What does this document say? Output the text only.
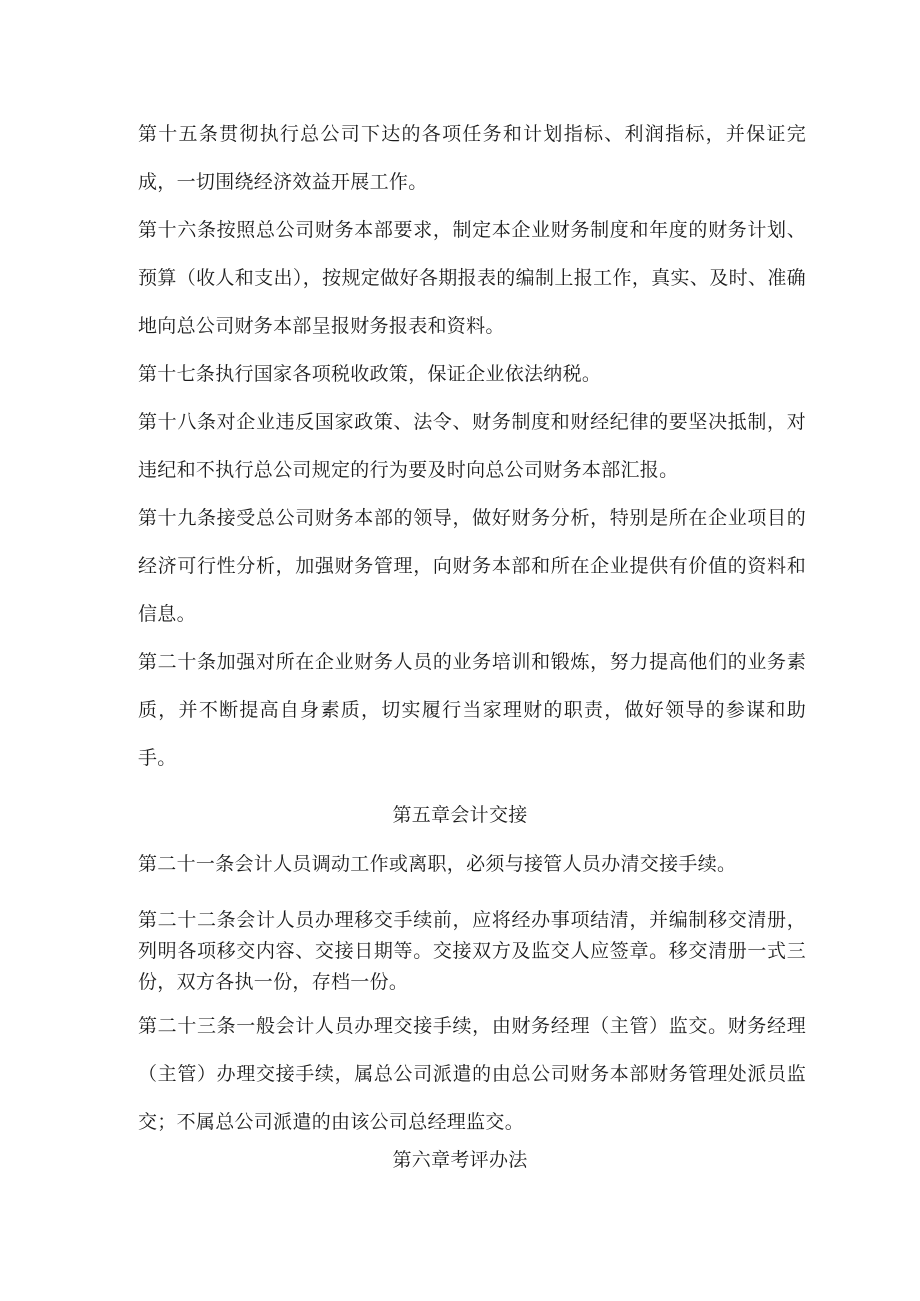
第十五条贯彻执行总公司下达的各项任务和计划指标、利润指标，并保证完成，一切围绕经济效益开展工作。

第十六条按照总公司财务本部要求，制定本企业财务制度和年度的财务计划、预算（收人和支出），按规定做好各期报表的编制上报工作，真实、及时、准确地向总公司财务本部呈报财务报表和资料。

第十七条执行国家各项税收政策，保证企业依法纳税。

第十八条对企业违反国家政策、法令、财务制度和财经纪律的要坚决抵制，对违纪和不执行总公司规定的行为要及时向总公司财务本部汇报。

第十九条接受总公司财务本部的领导，做好财务分析，特别是所在企业项目的经济可行性分析，加强财务管理，向财务本部和所在企业提供有价值的资料和信息。

第二十条加强对所在企业财务人员的业务培训和锻炼，努力提高他们的业务素质，并不断提高自身素质，切实履行当家理财的职责，做好领导的参谋和助手。

第五章会计交接

第二十一条会计人员调动工作或离职，必须与接管人员办清交接手续。

第二十二条会计人员办理移交手续前，应将经办事项结清，并编制移交清册，列明各项移交内容、交接日期等。交接双方及监交人应签章。移交清册一式三份，双方各执一份，存档一份。

第二十三条一般会计人员办理交接手续，由财务经理（主管）监交。财务经理（主管）办理交接手续，属总公司派遣的由总公司财务本部财务管理处派员监交；不属总公司派遣的由该公司总经理监交。

第六章考评办法
